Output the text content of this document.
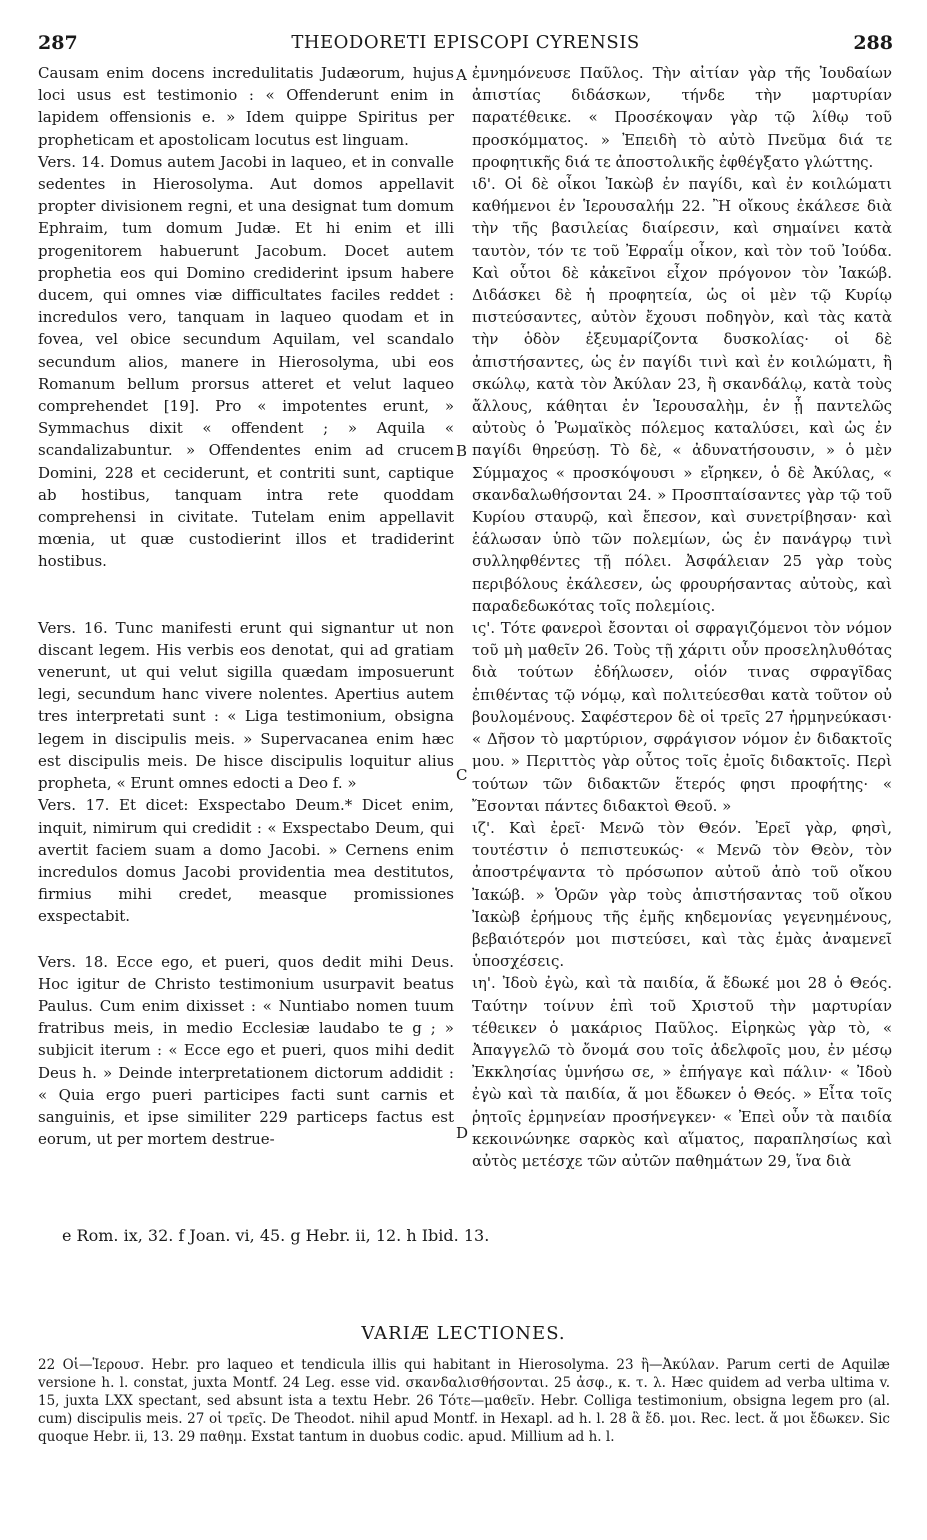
287	THEODORETI EPISCOPI CYRENSIS	288

Causam enim docens incredulitatis Judæorum, hujus loci usus est testimonio : « Offenderunt enim in lapidem offensionis e. » Idem quippe Spiritus per propheticam et apostolicam locutus est linguam.

Vers. 14. Domus autem Jacobi in laqueo, et in convalle sedentes in Hierosolyma. Aut domos appellavit propter divisionem regni, et una designat tum domum Ephraim, tum domum Judæ. Et hi enim et illi progenitorem habuerunt Jacobum. Docet autem prophetia eos qui Domino crediderint ipsum habere ducem, qui omnes viæ difficultates faciles reddet : incredulos vero, tanquam in laqueo quodam et in fovea, vel obice secundum Aquilam, vel scandalo secundum alios, manere in Hierosolyma, ubi eos Romanum bellum prorsus atteret et velut laqueo comprehendet [19]. Pro « impotentes erunt, » Symmachus dixit « offendent ; » Aquila « scandalizabuntur. » Offendentes enim ad crucem Domini, 228 et ceciderunt, et contriti sunt, captique ab hostibus, tanquam intra rete quoddam comprehensi in civitate. Tutelam enim appellavit mœnia, ut quæ custodierint illos et tradiderint hostibus.

Vers. 16. Tunc manifesti erunt qui signantur ut non discant legem. His verbis eos denotat, qui ad gratiam venerunt, ut qui velut sigilla quædam imposuerunt legi, secundum hanc vivere nolentes. Apertius autem tres interpretati sunt : « Liga testimonium, obsigna legem in discipulis meis. » Supervacanea enim hæc est discipulis meis. De hisce discipulis loquitur alius propheta, « Erunt omnes edocti a Deo f. »

Vers. 17. Et dicet: Exspectabo Deum.* Dicet enim, inquit, nimirum qui credidit : « Exspectabo Deum, qui avertit faciem suam a domo Jacobi. » Cernens enim incredulos domus Jacobi providentia mea destitutos, firmius mihi credet, measque promissiones exspectabit.

Vers. 18. Ecce ego, et pueri, quos dedit mihi Deus. Hoc igitur de Christo testimonium usurpavit beatus Paulus. Cum enim dixisset : « Nuntiabo nomen tuum fratribus meis, in medio Ecclesiæ laudabo te g ; » subjicit iterum : « Ecce ego et pueri, quos mihi dedit Deus h. » Deinde interpretationem dictorum addidit : « Quia ergo pueri participes facti sunt carnis et sanguinis, et ipse similiter 229 particeps factus est eorum, ut per mortem destrue-

ἐμνημόνευσε Παῦλος. Τὴν αἰτίαν γὰρ τῆς Ἰουδαίων ἀπιστίας διδάσκων, τήνδε τὴν μαρτυρίαν παρατέθεικε. « Προσέκοψαν γὰρ τῷ λίθῳ τοῦ προσκόμματος. » Ἐπειδὴ τὸ αὐτὸ Πνεῦμα διά τε προφητικῆς διά τε ἀποστολικῆς ἐφθέγξατο γλώττης.

ιδ'. Οἱ δὲ οἶκοι Ἰακὼβ ἐν παγίδι, καὶ ἐν κοιλώματι καθήμενοι ἐν Ἱερουσαλήμ 22. Ἢ οἴκους ἐκάλεσε διὰ τὴν τῆς βασιλείας διαίρεσιν, καὶ σημαίνει κατὰ ταυτὸν, τόν τε τοῦ Ἐφραΐμ οἶκον, καὶ τὸν τοῦ Ἰούδα. Καὶ οὗτοι δὲ κἀκεῖνοι εἶχον πρόγονον τὸν Ἰακώβ. Διδάσκει δὲ ἡ προφητεία, ὡς οἱ μὲν τῷ Κυρίῳ πιστεύσαντες, αὐτὸν ἔχουσι ποδηγὸν, καὶ τὰς κατὰ τὴν ὁδὸν ἐξευμαρίζοντα δυσκολίας· οἱ δὲ ἀπιστήσαντες, ὡς ἐν παγίδι τινὶ καὶ ἐν κοιλώματι, ἢ σκώλῳ, κατὰ τὸν Ἀκύλαν 23, ἢ σκανδάλῳ, κατὰ τοὺς ἄλλους, κάθηται ἐν Ἱερουσαλὴμ, ἐν ᾗ παντελῶς αὐτοὺς ὁ Ῥωμαϊκὸς πόλεμος καταλύσει, καὶ ὡς ἐν παγίδι θηρεύσῃ. Τὸ δὲ, « ἀδυνατήσουσιν, » ὁ μὲν Σύμμαχος « προσκόψουσι » εἴρηκεν, ὁ δὲ Ἀκύλας, « σκανδαλωθήσονται 24. » Προσπταίσαντες γὰρ τῷ τοῦ Κυρίου σταυρῷ, καὶ ἔπεσον, καὶ συνετρίβησαν· καὶ ἑάλωσαν ὑπὸ τῶν πολεμίων, ὡς ἐν πανάγρῳ τινὶ συλληφθέντες τῇ πόλει. Ἀσφάλειαν 25 γὰρ τοὺς περιβόλους ἐκάλεσεν, ὡς φρουρήσαντας αὐτοὺς, καὶ παραδεδωκότας τοῖς πολεμίοις.

ις'. Τότε φανεροὶ ἔσονται οἱ σφραγιζόμενοι τὸν νόμον τοῦ μὴ μαθεῖν 26. Τοὺς τῇ χάριτι οὖν προσεληλυθότας διὰ τούτων ἐδήλωσεν, οἱόν τινας σφραγῖδας ἐπιθέντας τῷ νόμῳ, καὶ πολιτεύεσθαι κατὰ τοῦτον οὐ βουλομένους. Σαφέστερον δὲ οἱ τρεῖς 27 ἡρμηνεύκασι· « Δῆσον τὸ μαρτύριον, σφράγισον νόμον ἐν διδακτοῖς μου. » Περιττὸς γὰρ οὗτος τοῖς ἐμοῖς διδακτοῖς. Περὶ τούτων τῶν διδακτῶν ἕτερός φησι προφήτης· « Ἔσονται πάντες διδακτοὶ Θεοῦ. »

ιζ'. Καὶ ἐρεῖ· Μενῶ τὸν Θεόν. Ἐρεῖ γὰρ, φησὶ, τουτέστιν ὁ πεπιστευκώς· « Μενῶ τὸν Θεὸν, τὸν ἀποστρέψαντα τὸ πρόσωπον αὐτοῦ ἀπὸ τοῦ οἴκου Ἰακώβ. » Ὁρῶν γὰρ τοὺς ἀπιστήσαντας τοῦ οἴκου Ἰακὼβ ἐρήμους τῆς ἐμῆς κηδεμονίας γεγενημένους, βεβαιότερόν μοι πιστεύσει, καὶ τὰς ἐμὰς ἀναμενεῖ ὑποσχέσεις.

ιη'. Ἰδοὺ ἐγὼ, καὶ τὰ παιδία, ἅ ἔδωκέ μοι 28 ὁ Θεός. Ταύτην τοίνυν ἐπὶ τοῦ Χριστοῦ τὴν μαρτυρίαν τέθεικεν ὁ μακάριος Παῦλος. Εἰρηκὼς γὰρ τὸ, « Ἀπαγγελῶ τὸ ὄνομά σου τοῖς ἀδελφοῖς μου, ἐν μέσῳ Ἐκκλησίας ὑμνήσω σε, » ἐπήγαγε καὶ πάλιν· « Ἰδοὺ ἐγὼ καὶ τὰ παιδία, ἅ μοι ἔδωκεν ὁ Θεός. » Εἶτα τοῖς ῥητοῖς ἑρμηνείαν προσήνεγκεν· « Ἐπεὶ οὖν τὰ παιδία κεκοινώνηκε σαρκὸς καὶ αἵματος, παραπλησίως καὶ αὐτὸς μετέσχε τῶν αὐτῶν παθημάτων 29, ἵνα διὰ

A
B
C
D
e Rom. ix, 32. f Joan. vi, 45. g Hebr. ii, 12. h Ibid. 13.
VARIÆ LECTIONES.
22 Οἱ—Ἱερουσ. Hebr. pro laqueo et tendicula illis qui habitant in Hierosolyma. 23 ἢ—Ἀκύλαν. Parum certi de Aquilæ versione h. l. constat, juxta Montf. 24 Leg. esse vid. σκανδαλισθήσονται. 25 ἀσφ., κ. τ. λ. Hæc quidem ad verba ultima v. 15, juxta LXX spectant, sed absunt ista a textu Hebr. 26 Τότε—μαθεῖν. Hebr. Colliga testimonium, obsigna legem pro (al. cum) discipulis meis. 27 οἱ τρεῖς. De Theodot. nihil apud Montf. in Hexapl. ad h. l. 28 ἃ ἔδ. μοι. Rec. lect. ἅ μοι ἔδωκεν. Sic quoque Hebr. ii, 13. 29 παθημ. Exstat tantum in duobus codic. apud. Millium ad h. l.
